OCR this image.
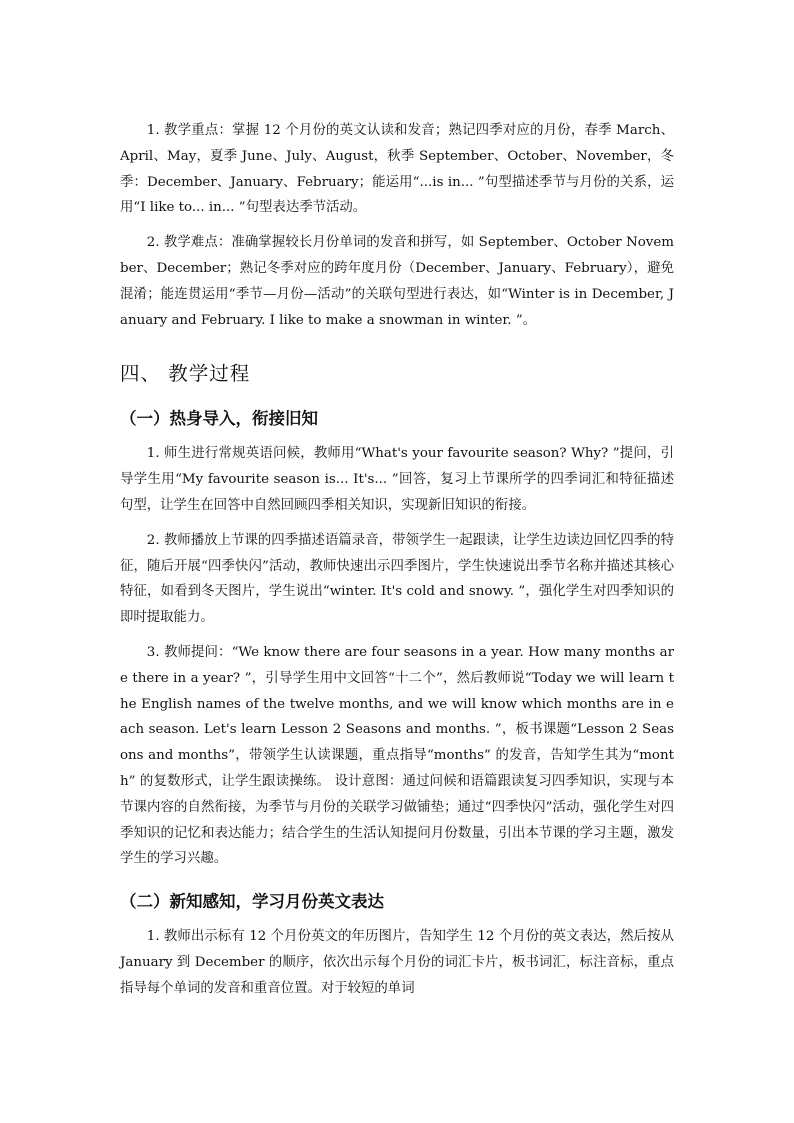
1. 教学重点：掌握 12 个月份的英文认读和发音；熟记四季对应的月份，春季 March、April、May，夏季 June、July、August，秋季 September、October、November，冬季：December、January、February；能运用“...is in... ”句型描述季节与月份的关系，运用“I like to... in... ”句型表达季节活动。

2. 教学难点：准确掌握较长月份单词的发音和拼写，如 September、October November、December；熟记冬季对应的跨年度月份（December、January、February），避免混淆；能连贯运用“季节—月份—活动”的关联句型进行表达，如“Winter is in December, January and February. I like to make a snowman in winter. ”。

四、 教学过程
（一）热身导入，衔接旧知

1. 师生进行常规英语问候，教师用“What's your favourite season? Why? ”提问，引导学生用“My favourite season is... It's... ”回答，复习上节课所学的四季词汇和特征描述句型，让学生在回答中自然回顾四季相关知识，实现新旧知识的衔接。

2. 教师播放上节课的四季描述语篇录音，带领学生一起跟读，让学生边读边回忆四季的特征，随后开展“四季快闪”活动，教师快速出示四季图片，学生快速说出季节名称并描述其核心特征，如看到冬天图片，学生说出“winter. It's cold and snowy. ”，强化学生对四季知识的即时提取能力。

3. 教师提问：“We know there are four seasons in a year. How many months are there in a year? ”，引导学生用中文回答“十二个”，然后教师说“Today we will learn the English names of the twelve months, and we will know which months are in each season. Let's learn Lesson 2 Seasons and months. ”，板书课题“Lesson 2 Seasons and months”，带领学生认读课题，重点指导“months” 的发音，告知学生其为“month” 的复数形式，让学生跟读操练。 设计意图：通过问候和语篇跟读复习四季知识，实现与本节课内容的自然衔接，为季节与月份的关联学习做铺垫；通过“四季快闪”活动，强化学生对四季知识的记忆和表达能力；结合学生的生活认知提问月份数量，引出本节课的学习主题，激发学生的学习兴趣。

（二）新知感知，学习月份英文表达

1. 教师出示标有 12 个月份英文的年历图片，告知学生 12 个月份的英文表达，然后按从 January 到 December 的顺序，依次出示每个月份的词汇卡片，板书词汇，标注音标，重点指导每个单词的发音和重音位置。对于较短的单词
